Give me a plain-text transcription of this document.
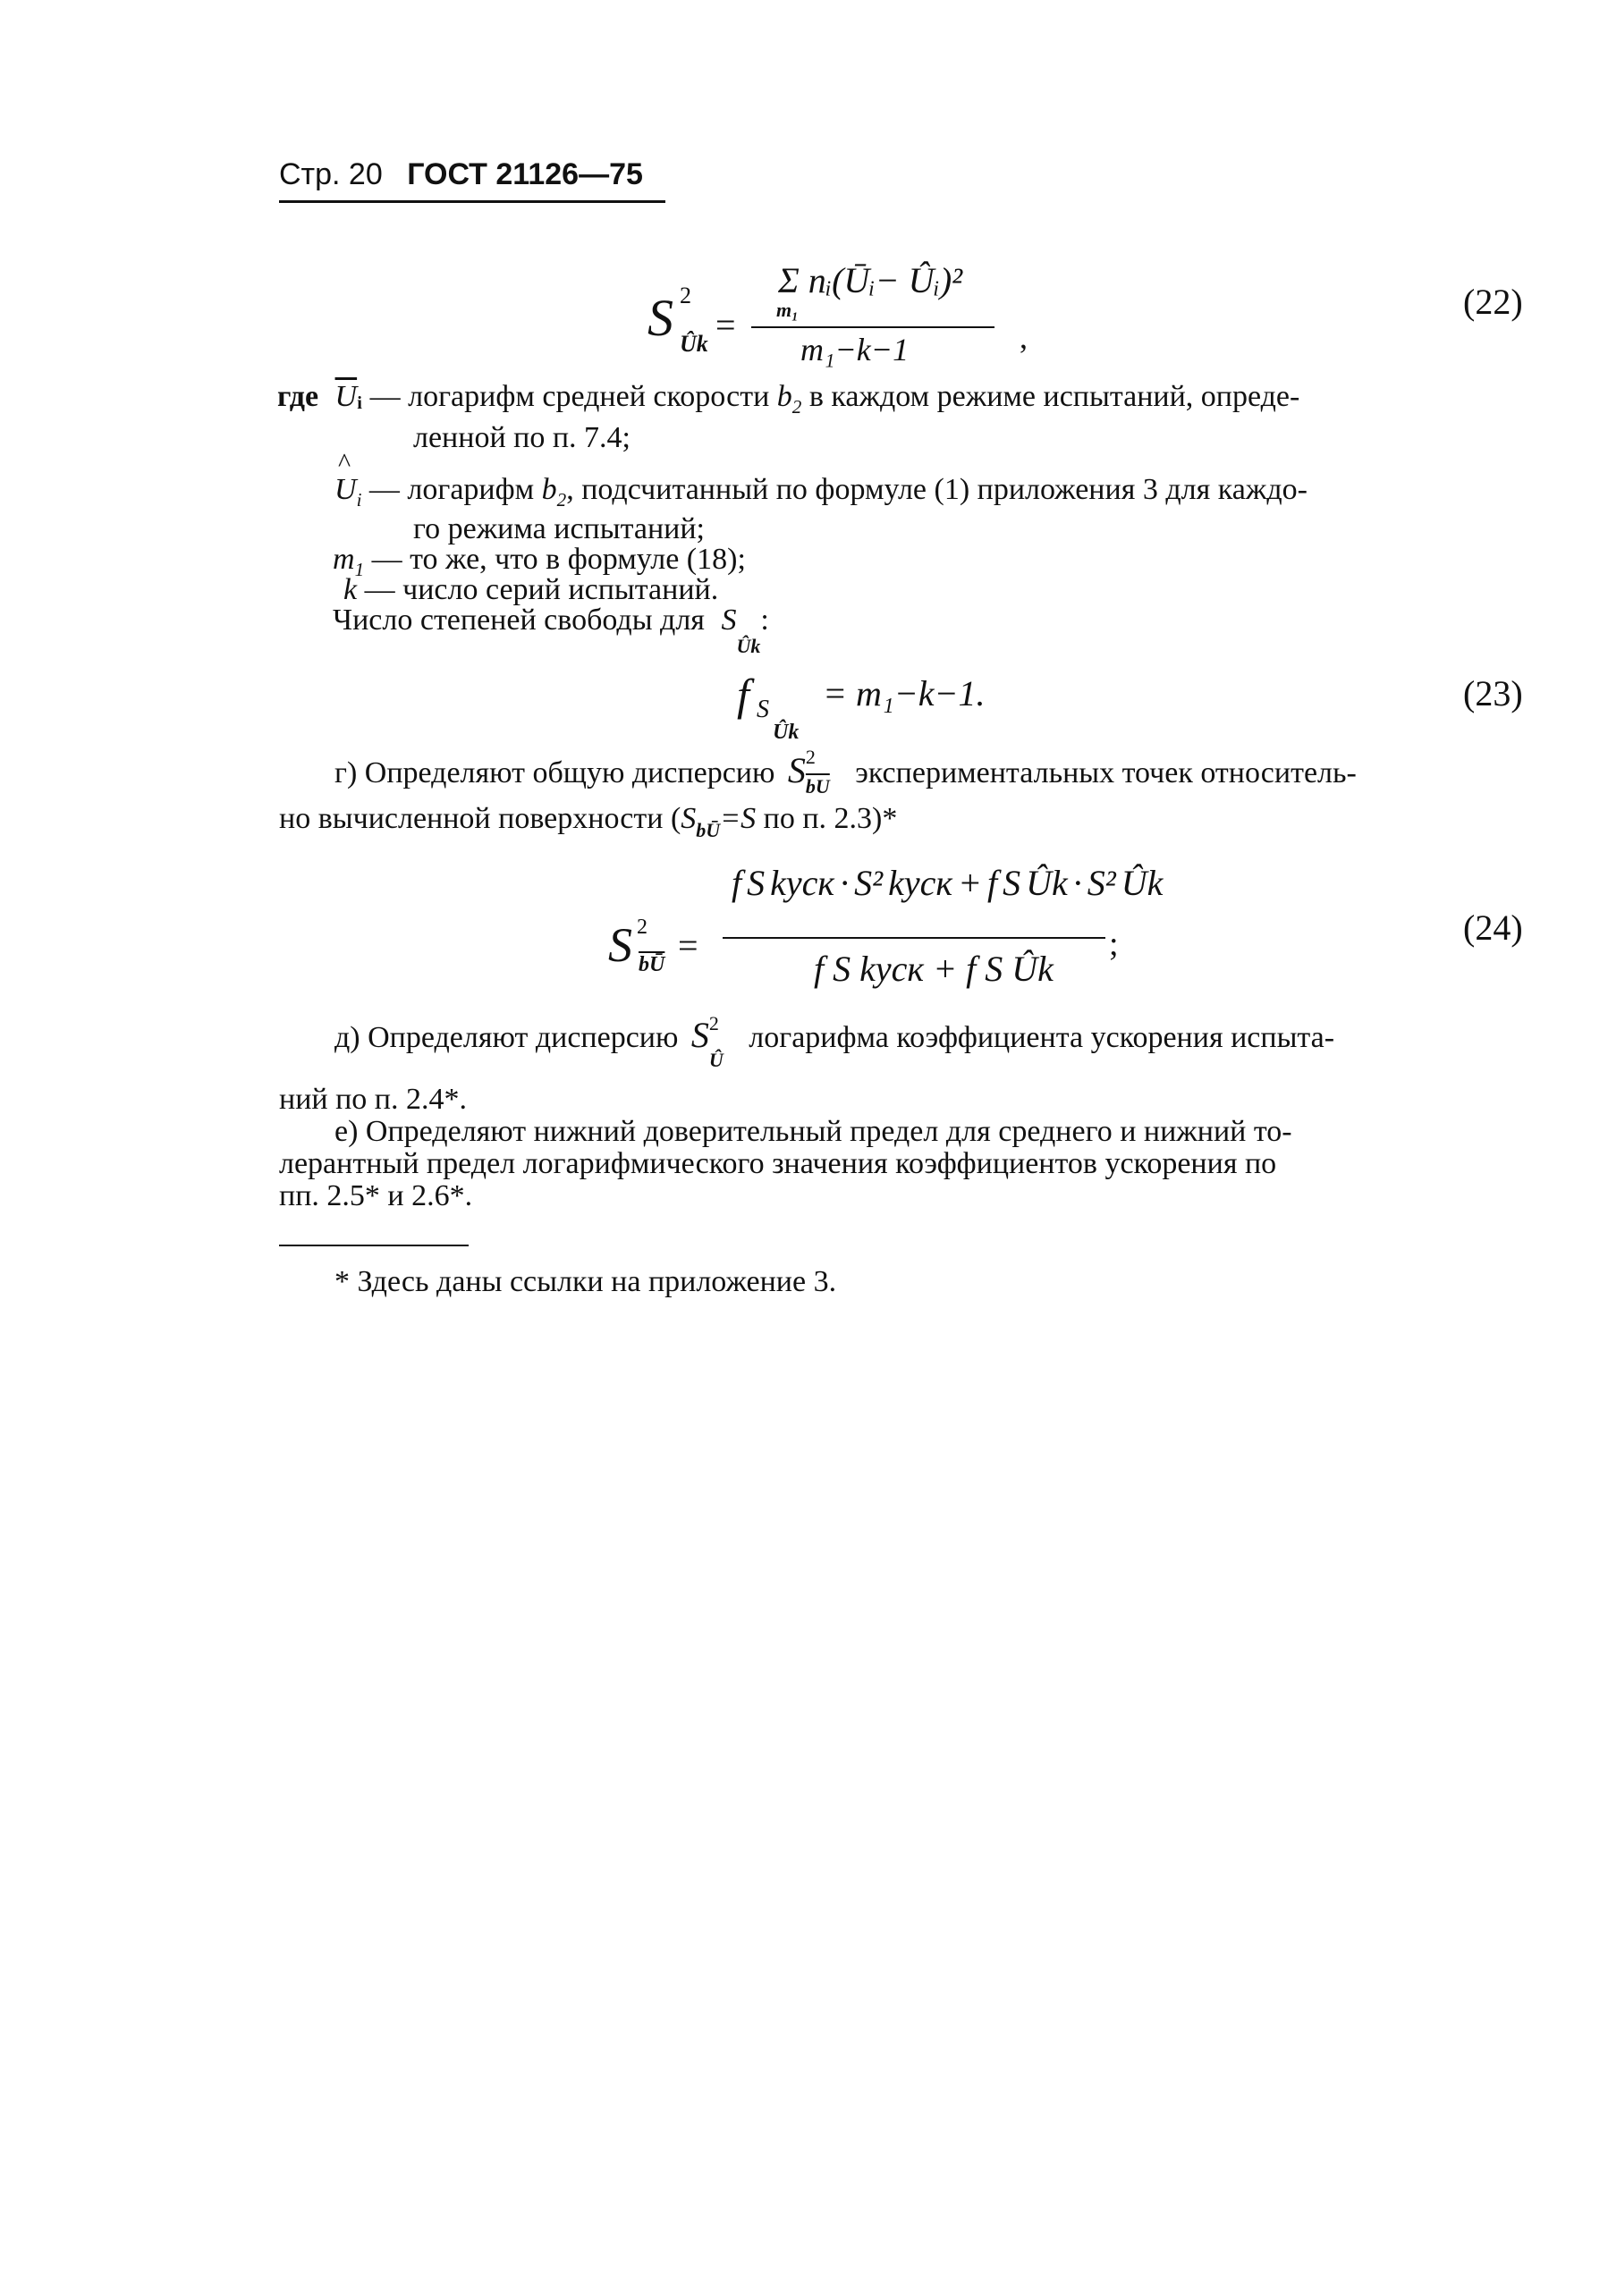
Стр. 20 ГОСТ 21126—75
S 2
Ûk =
Σ nᵢ(Ūᵢ− Ûᵢ)²
m₁
m₁−k−1	,
(22)
где $\overline{U}ᵢ$ — логарифм средней скорости $b_2$ в каждом режиме испытаний, опреде-
ленной по п. 7.4;
^ $U_i$ — логарифм $b_2$, подсчитанный по формуле (1) приложения 3 для каждо-
го режима испытаний;
$m_1$ — то же, что в формуле (18);
k — число серий испытаний.
Число степеней свободы для $S_{Ûk}$:
f S
Ûk
= m₁−k−1.	(23)
г) Определяют общую дисперсию S 2
$\overline{bU}$ экспериментальных точек относитель-
но вычисленной поверхности ($S_{bŪ}=S$ по п. 2.3)*
S 2
$\overline{bŪ}$ =
f S kуск · S² kуск + f S Ûk · S² Ûk
f S kуск + f S Ûk
;	(24)
д) Определяют дисперсию S 2
Û логарифма коэффициента ускорения испыта-
ний по п. 2.4*.
е) Определяют нижний доверительный предел для среднего и нижний то-
лерантный предел логарифмического значения коэффициентов ускорения по
пп. 2.5* и 2.6*.
* Здесь даны ссылки на приложение 3.
